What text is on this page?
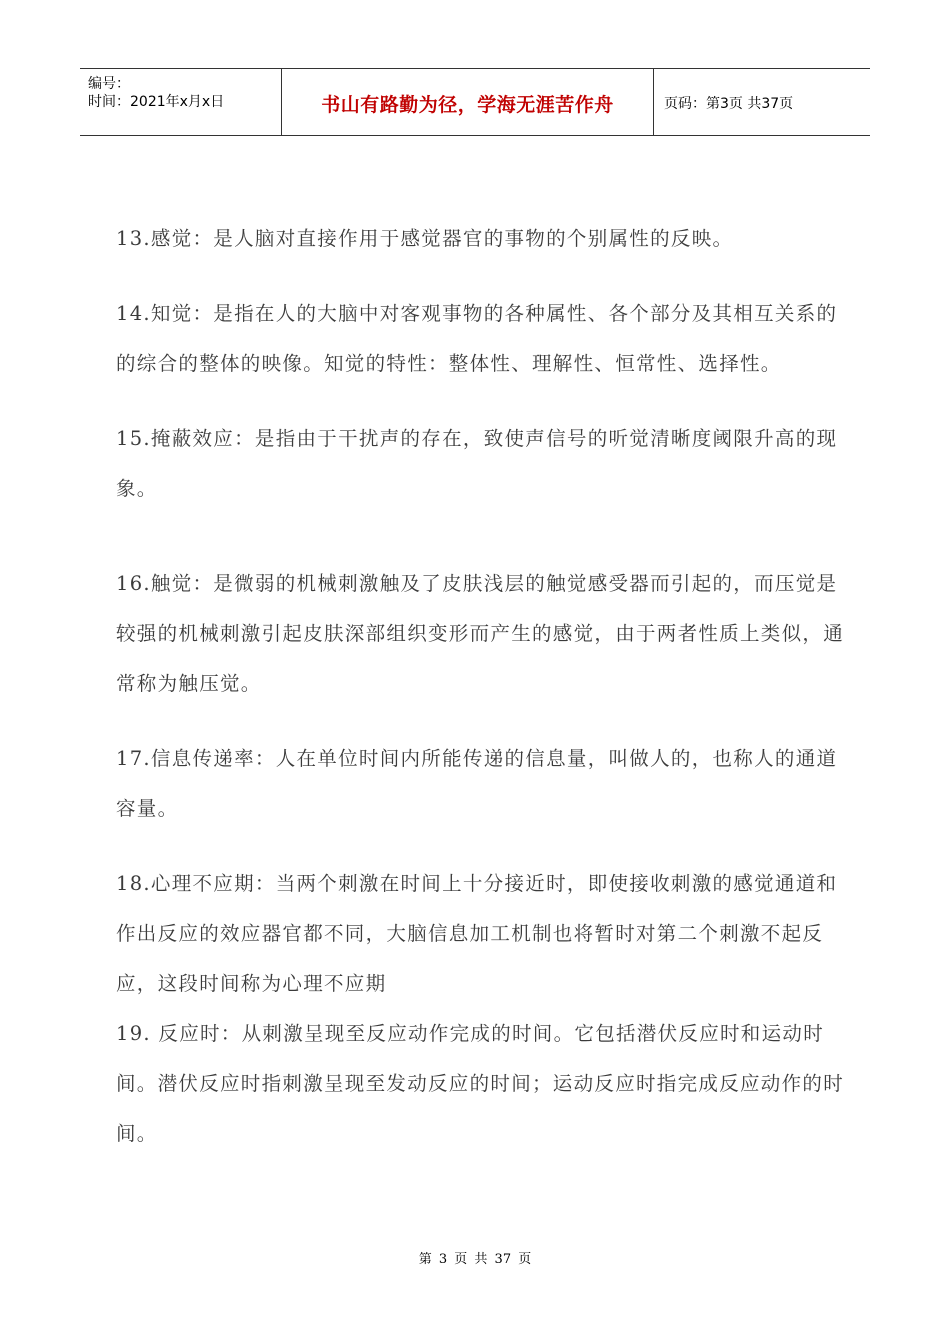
编号：
时间：2021年x月x日	书山有路勤为径，学海无涯苦作舟	页码：第3页 共37页

13.感觉：是人脑对直接作用于感觉器官的事物的个别属性的反映。

14.知觉：是指在人的大脑中对客观事物的各种属性、各个部分及其相互关系的的综合的整体的映像。知觉的特性：整体性、理解性、恒常性、选择性。

15.掩蔽效应：是指由于干扰声的存在，致使声信号的听觉清晰度阈限升高的现象。

16.触觉：是微弱的机械刺激触及了皮肤浅层的触觉感受器而引起的，而压觉是较强的机械刺激引起皮肤深部组织变形而产生的感觉，由于两者性质上类似，通常称为触压觉。

17.信息传递率：人在单位时间内所能传递的信息量，叫做人的，也称人的通道容量。

18.心理不应期：当两个刺激在时间上十分接近时，即使接收刺激的感觉通道和作出反应的效应器官都不同，大脑信息加工机制也将暂时对第二个刺激不起反应，这段时间称为心理不应期

19. 反应时：从刺激呈现至反应动作完成的时间。它包括潜伏反应时和运动时间。潜伏反应时指刺激呈现至发动反应的时间；运动反应时指完成反应动作的时间。

第 3 页 共 37 页
